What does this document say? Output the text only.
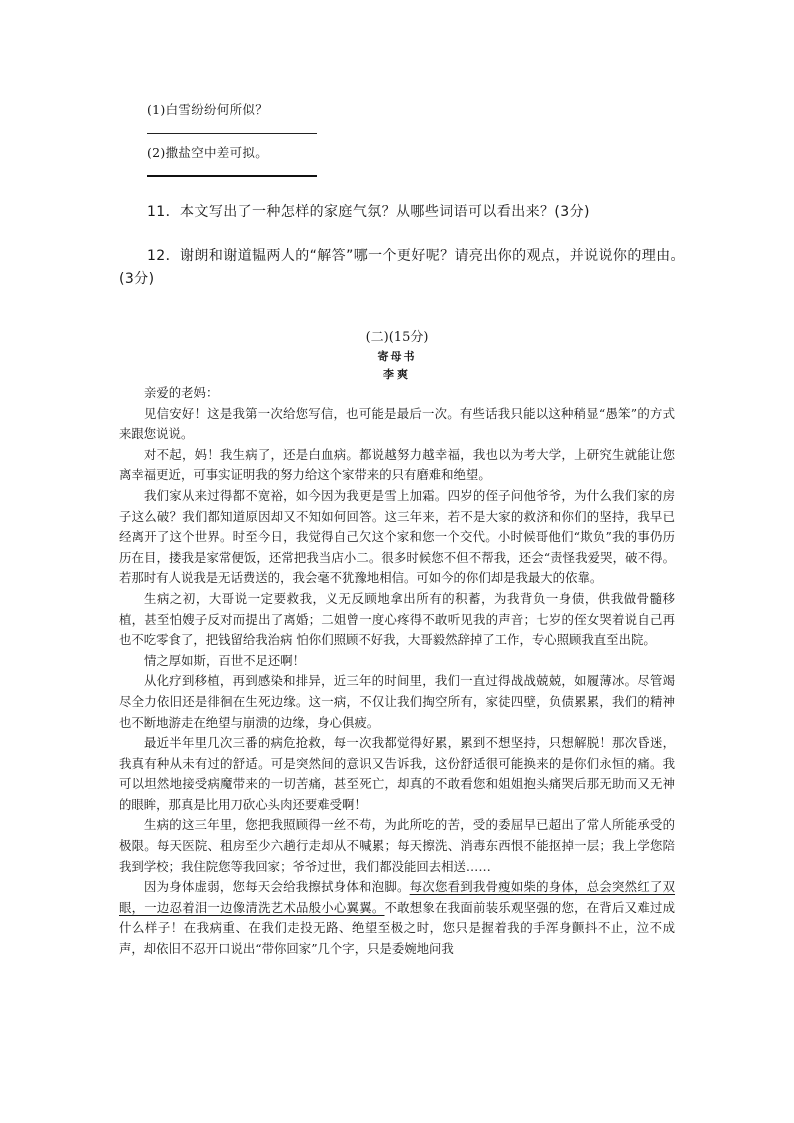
(1)白雪纷纷何所似？
(2)撒盐空中差可拟。
11．本文写出了一种怎样的家庭气氛？从哪些词语可以看出来？(3分)
12．谢朗和谢道韫两人的“解答”哪一个更好呢？请亮出你的观点，并说说你的理由。
(3分)
(二)(15分)
寄母书
李爽

亲爱的老妈：

见信安好！这是我第一次给您写信，也可能是最后一次。有些话我只能以这种稍显“愚笨”的方式来跟您说说。

对不起，妈！我生病了，还是白血病。都说越努力越幸福，我也以为考大学，上研究生就能让您离幸福更近，可事实证明我的努力给这个家带来的只有磨难和绝望。

我们家从来过得都不宽裕，如今因为我更是雪上加霜。四岁的侄子问他爷爷，为什么我们家的房子这么破？我们都知道原因却又不知如何回答。这三年来，若不是大家的救济和你们的坚持，我早已经离开了这个世界。时至今日，我觉得自己欠这个家和您一个交代。小时候哥他们“欺负”我的事仍历历在目，搂我是家常便饭，还常把我当店小二。很多时候您不但不帮我，还会“责怪我爱哭，破不得。若那时有人说我是无话费送的，我会毫不犹豫地相信。可如今的你们却是我最大的依靠。

生病之初，大哥说一定要救我，义无反顾地拿出所有的积蓄，为我背负一身债，供我做骨髓移植，甚至怕嫂子反对而提出了离婚；二姐曾一度心疼得不敢听见我的声音；七岁的侄女哭着说自己再也不吃零食了，把钱留给我治病 怕你们照顾不好我，大哥毅然辞掉了工作，专心照顾我直至出院。

情之厚如斯，百世不足还啊！

从化疗到移植，再到感染和排异，近三年的时间里，我们一直过得战战兢兢，如履薄冰。尽管竭尽全力依旧还是徘徊在生死边缘。这一病，不仅让我们掏空所有，家徒四壁，负债累累，我们的精神也不断地游走在绝望与崩溃的边缘，身心俱疲。

最近半年里几次三番的病危抢救，每一次我都觉得好累，累到不想坚持，只想解脱！那次昏迷，我真有种从未有过的舒适。可是突然间的意识又告诉我，这份舒适很可能换来的是你们永恒的痛。我可以坦然地接受病魔带来的一切苦痛，甚至死亡，却真的不敢看您和姐姐抱头痛哭后那无助而又无神的眼眸，那真是比用刀砍心头肉还要难受啊！

生病的这三年里，您把我照顾得一丝不苟，为此所吃的苦，受的委屈早已超出了常人所能承受的极限。每天医院、租房至少六趟行走却从不喊累；每天擦洗、消毒东西恨不能抠掉一层；我上学您陪我到学校；我住院您等我回家；爷爷过世，我们都没能回去相送……

因为身体虚弱，您每天会给我擦拭身体和泡脚。每次您看到我骨瘦如柴的身体，总会突然红了双眼，一边忍着泪一边像清洗艺术品般小心翼翼。不敢想象在我面前装乐观坚强的您，在背后又难过成什么样子！在我病重、在我们走投无路、绝望至极之时，您只是握着我的手浑身颤抖不止，泣不成声，却依旧不忍开口说出“带你回家”几个字，只是委婉地问我
